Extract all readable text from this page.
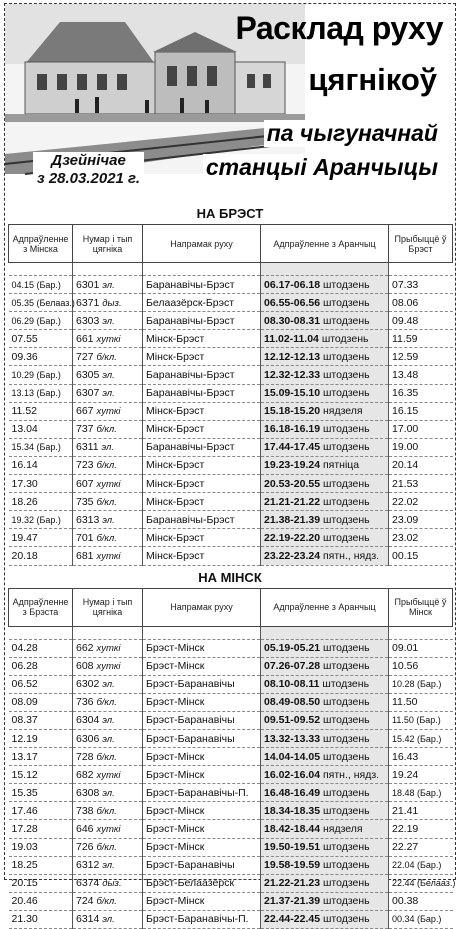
Расклад руху
цягнікоў
па чыгуначнай
станцыі Аранчыцы
Дзейнічае
з 28.03.2021 г.
НА БРЭСТ
Адпраўленне з Мінска	Нумар і тып цягніка	Напрамак руху	Адпраўленне з Аранчыц	Прыбыццё ў Брэст

04.15 (Бар.)	6301 эл.	Баранавічы-Брэст	06.17-06.18 штодзень	07.33
05.35 (Белааз.)	6371 дыз.	Белаазёрск-Брэст	06.55-06.56 штодзень	08.06
06.29 (Бар.)	6303 эл.	Баранавічы-Брэст	08.30-08.31 штодзень	09.48
07.55	661 хуткі	Мінск-Брэст	11.02-11.04 штодзень	11.59
09.36	727 б/кл.	Мінск-Брэст	12.12-12.13 штодзень	12.59
10.29 (Бар.)	6305 эл.	Баранавічы-Брэст	12.32-12.33 штодзень	13.48
13.13 (Бар.)	6307 эл.	Баранавічы-Брэст	15.09-15.10 штодзень	16.35
11.52	667 хуткі	Мінск-Брэст	15.18-15.20 нядзеля	16.15
13.04	737 б/кл.	Мінск-Брэст	16.18-16.19 штодзень	17.00
15.34 (Бар.)	6311 эл.	Баранавічы-Брэст	17.44-17.45 штодзень	19.00
16.14	723 б/кл.	Мінск-Брэст	19.23-19.24 пятніца	20.14
17.30	607 хуткі	Мінск-Брэст	20.53-20.55 штодзень	21.53
18.26	735 б/кл.	Мінск-Брэст	21.21-21.22 штодзень	22.02
19.32 (Бар.)	6313 эл.	Баранавічы-Брэст	21.38-21.39 штодзень	23.09
19.47	701 б/кл.	Мінск-Брэст	22.19-22.20 штодзень	23.02
20.18	681 хуткі	Мінск-Брэст	23.22-23.24 пятн., нядз.	00.15
НА МІНСК
Адпраўленне з Брэста	Нумар і тып цягніка	Напрамак руху	Адпраўленне з Аранчыц	Прыбыццё ў Мінск

04.28	662 хуткі	Брэст-Мінск	05.19-05.21 штодзень	09.01
06.28	608 хуткі	Брэст-Мінск	07.26-07.28 штодзень	10.56
06.52	6302 эл.	Брэст-Баранавічы	08.10-08.11 штодзень	10.28 (Бар.)
08.09	736 б/кл.	Брэст-Мінск	08.49-08.50 штодзень	11.50
08.37	6304 эл.	Брэст-Баранавічы	09.51-09.52 штодзень	11.50 (Бар.)
12.19	6306 эл.	Брэст-Баранавічы	13.32-13.33 штодзень	15.42 (Бар.)
13.17	728 б/кл.	Брэст-Мінск	14.04-14.05 штодзень	16.43
15.12	682 хуткі	Брэст-Мінск	16.02-16.04 пятн., нядз.	19.24
15.35	6308 эл.	Брэст-Баранавічы-П.	16.48-16.49 штодзень	18.48 (Бар.)
17.46	738 б/кл.	Брэст-Мінск	18.34-18.35 штодзень	21.41
17.28	646 хуткі	Брэст-Мінск	18.42-18.44 нядзеля	22.19
19.03	726 б/кл.	Брэст-Мінск	19.50-19.51 штодзень	22.27
18.25	6312 эл.	Брэст-Баранавічы	19.58-19.59 штодзень	22.04 (Бар.)
20.15	6374 дыз.	Брэст-Белаазёрск	21.22-21.23 штодзень	22.44 (Белааз.)
20.46	724 б/кл.	Брэст-Мінск	21.37-21.39 штодзень	00.38
21.30	6314 эл.	Брэст-Баранавічы-П.	22.44-22.45 штодзень	00.34 (Бар.)
